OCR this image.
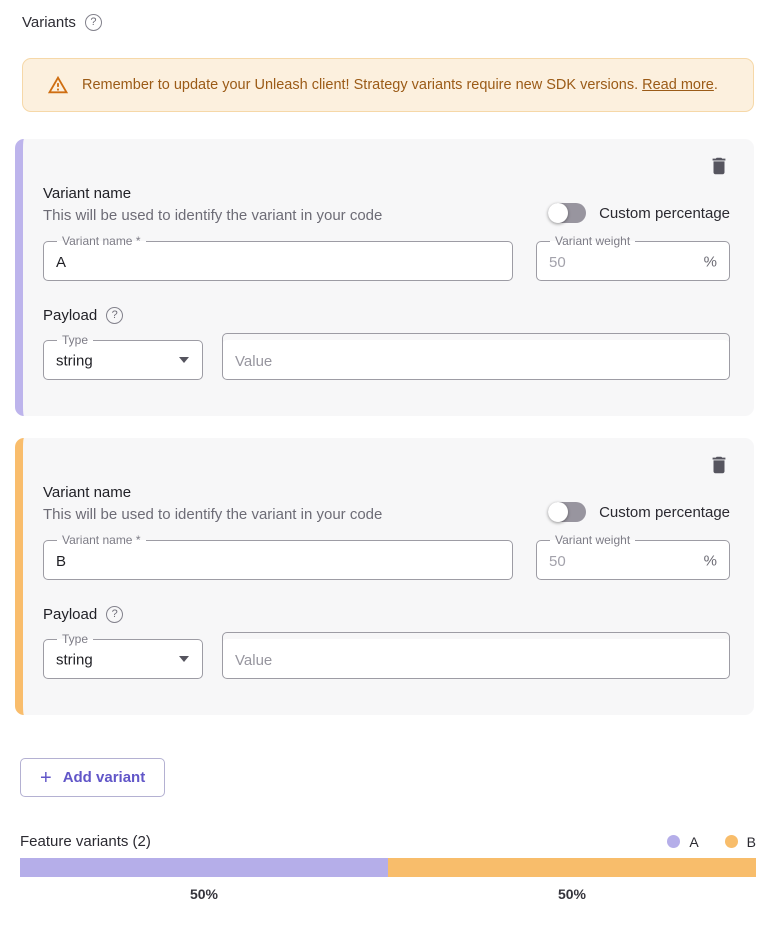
Variants	?
Remember to update your Unleash client! Strategy variants require new SDK versions. Read more.
Variant name
This will be used to identify the variant in your code	Custom percentage
A
Variant name *
50
%
Variant weight
Payload	?
string
Type
Value
Variant name
This will be used to identify the variant in your code	Custom percentage
B
Variant name *
50
%
Variant weight
Payload	?
string
Type
Value
+ Add variant
Feature variants (2)	A	B
50%	50%
